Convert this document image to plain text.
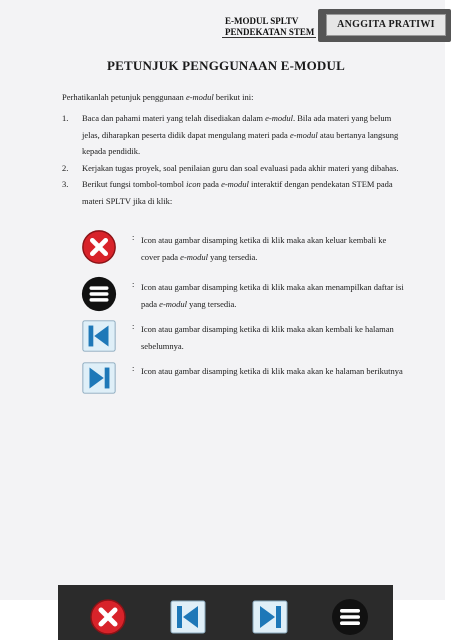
E-MODUL SPLTV
PENDEKATAN STEM
ANGGITA PRATIWI
PETUNJUK PENGGUNAAN E-MODUL
Perhatikanlah petunjuk penggunaan e-modul berikut ini:
1. Baca dan pahami materi yang telah disediakan dalam e-modul. Bila ada materi yang belum jelas, diharapkan peserta didik dapat mengulang materi pada e-modul atau bertanya langsung kepada pendidik.
2. Kerjakan tugas proyek, soal penilaian guru dan soal evaluasi pada akhir materi yang dibahas.
3. Berikut fungsi tombol-tombol icon pada e-modul interaktif dengan pendekatan STEM pada materi SPLTV jika di klik:
: Icon atau gambar disamping ketika di klik maka akan keluar kembali ke cover pada e-modul yang tersedia.
: Icon atau gambar disamping ketika di klik maka akan menampilkan daftar isi pada e-modul yang tersedia.
: Icon atau gambar disamping ketika di klik maka akan kembali ke halaman sebelumnya.
: Icon atau gambar disamping ketika di klik maka akan ke halaman berikutnya
